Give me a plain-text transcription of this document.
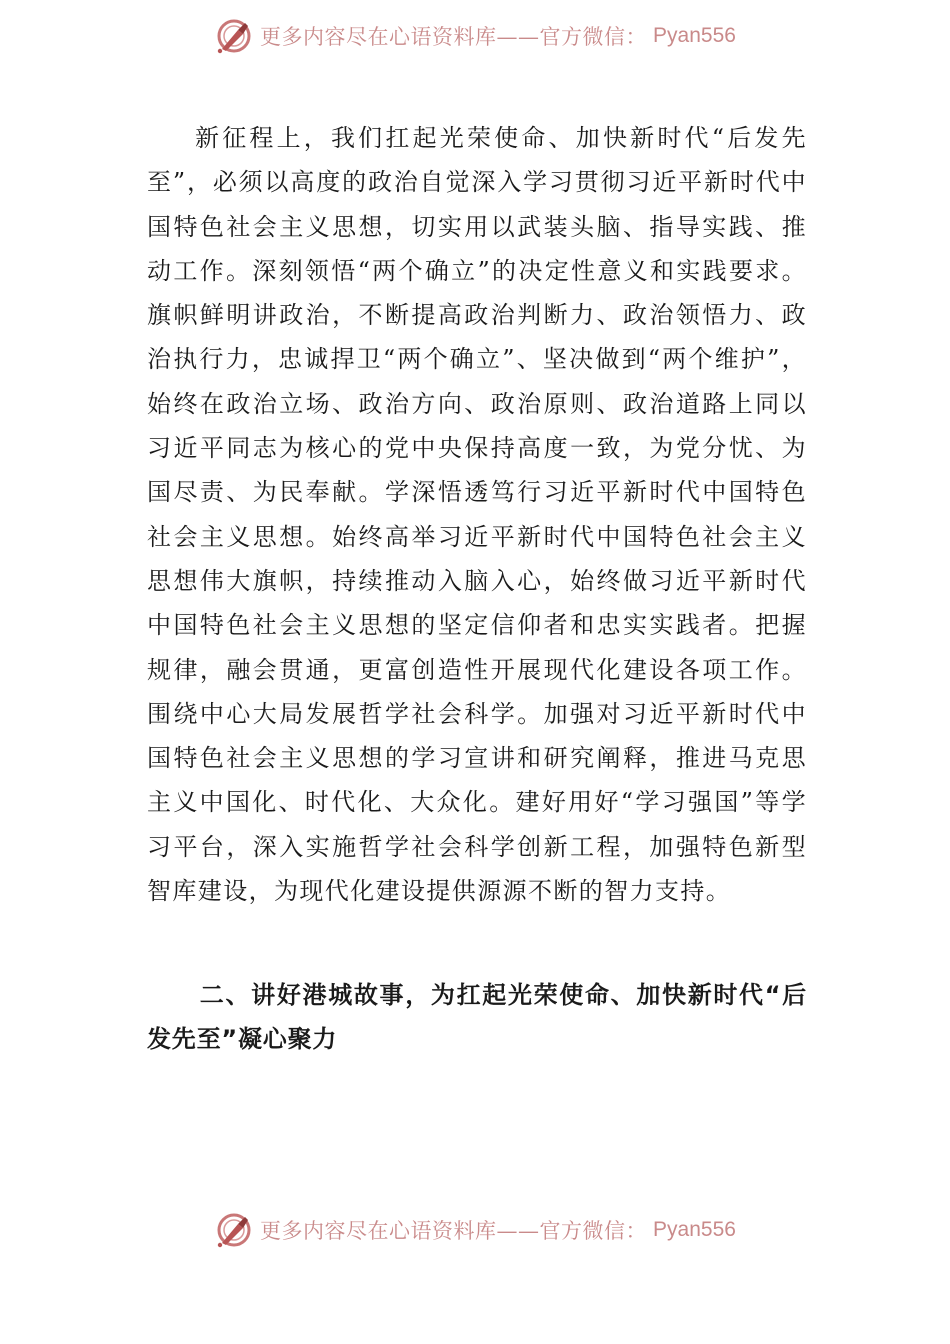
更多内容尽在心语资料库——官方微信： Pyan556

新征程上，我们扛起光荣使命、加快新时代“后发先至”，必须以高度的政治自觉深入学习贯彻习近平新时代中国特色社会主义思想，切实用以武装头脑、指导实践、推动工作。深刻领悟“两个确立”的决定性意义和实践要求。旗帜鲜明讲政治，不断提高政治判断力、政治领悟力、政治执行力，忠诚捍卫“两个确立”、坚决做到“两个维护”，始终在政治立场、政治方向、政治原则、政治道路上同以习近平同志为核心的党中央保持高度一致，为党分忧、为国尽责、为民奉献。学深悟透笃行习近平新时代中国特色社会主义思想。始终高举习近平新时代中国特色社会主义思想伟大旗帜，持续推动入脑入心，始终做习近平新时代中国特色社会主义思想的坚定信仰者和忠实实践者。把握规律，融会贯通，更富创造性开展现代化建设各项工作。围绕中心大局发展哲学社会科学。加强对习近平新时代中国特色社会主义思想的学习宣讲和研究阐释，推进马克思主义中国化、时代化、大众化。建好用好“学习强国”等学习平台，深入实施哲学社会科学创新工程，加强特色新型智库建设，为现代化建设提供源源不断的智力支持。

二、讲好港城故事，为扛起光荣使命、加快新时代“后发先至”凝心聚力

更多内容尽在心语资料库——官方微信： Pyan556
